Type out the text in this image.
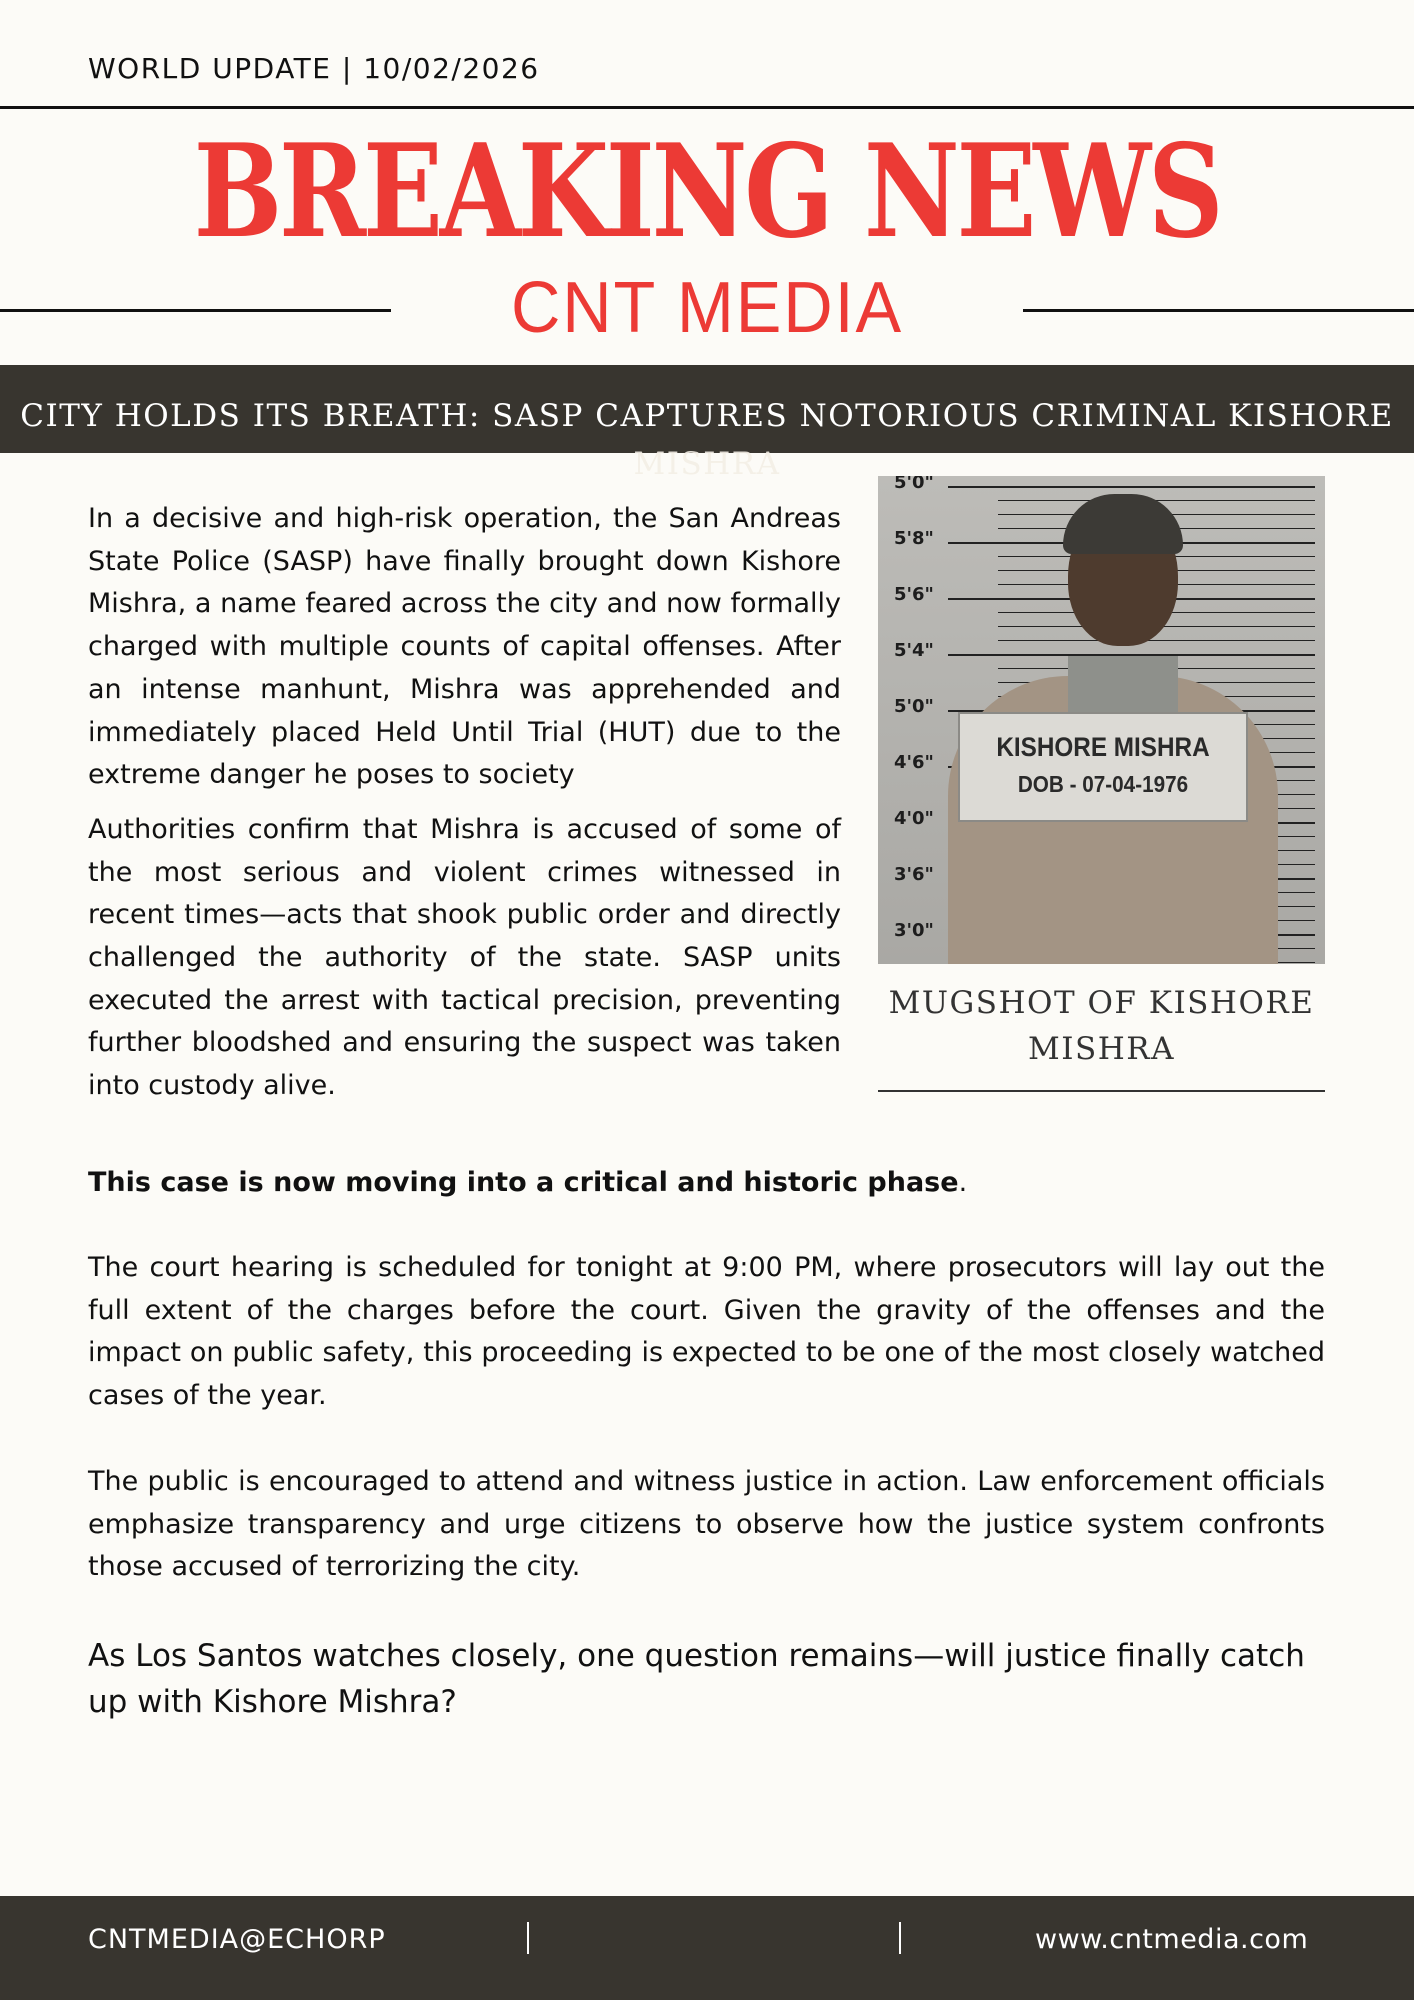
WORLD UPDATE | 10/02/2026
BREAKING NEWS
CNT MEDIA
CITY HOLDS ITS BREATH: SASP CAPTURES NOTORIOUS CRIMINAL KISHORE
MISHRA

In a decisive and high-risk operation, the San Andreas State Police (SASP) have finally brought down Kishore Mishra, a name feared across the city and now formally charged with multiple counts of capital offenses. After an intense manhunt, Mishra was apprehended and immediately placed Held Until Trial (HUT) due to the extreme danger he poses to society

Authorities confirm that Mishra is accused of some of the most serious and violent crimes witnessed in recent times—acts that shook public order and directly challenged the authority of the state. SASP units executed the arrest with tactical precision, preventing further bloodshed and ensuring the suspect was taken into custody alive.

5'0"
5'8"
5'6"
5'4"
5'0"
4'6"
4'0"
3'6"
3'0"
KISHORE MISHRA
DOB - 07-04-1976
MUGSHOT OF KISHORE MISHRA
This case is now moving into a critical and historic phase.
The court hearing is scheduled for tonight at 9:00 PM, where prosecutors will lay out the full extent of the charges before the court. Given the gravity of the offenses and the impact on public safety, this proceeding is expected to be one of the most closely watched cases of the year.
The public is encouraged to attend and witness justice in action. Law enforcement officials emphasize transparency and urge citizens to observe how the justice system confronts those accused of terrorizing the city.
As Los Santos watches closely, one question remains—will justice finally catch up with Kishore Mishra?
CNTMEDIA@ECHORP	www.cntmedia.com
